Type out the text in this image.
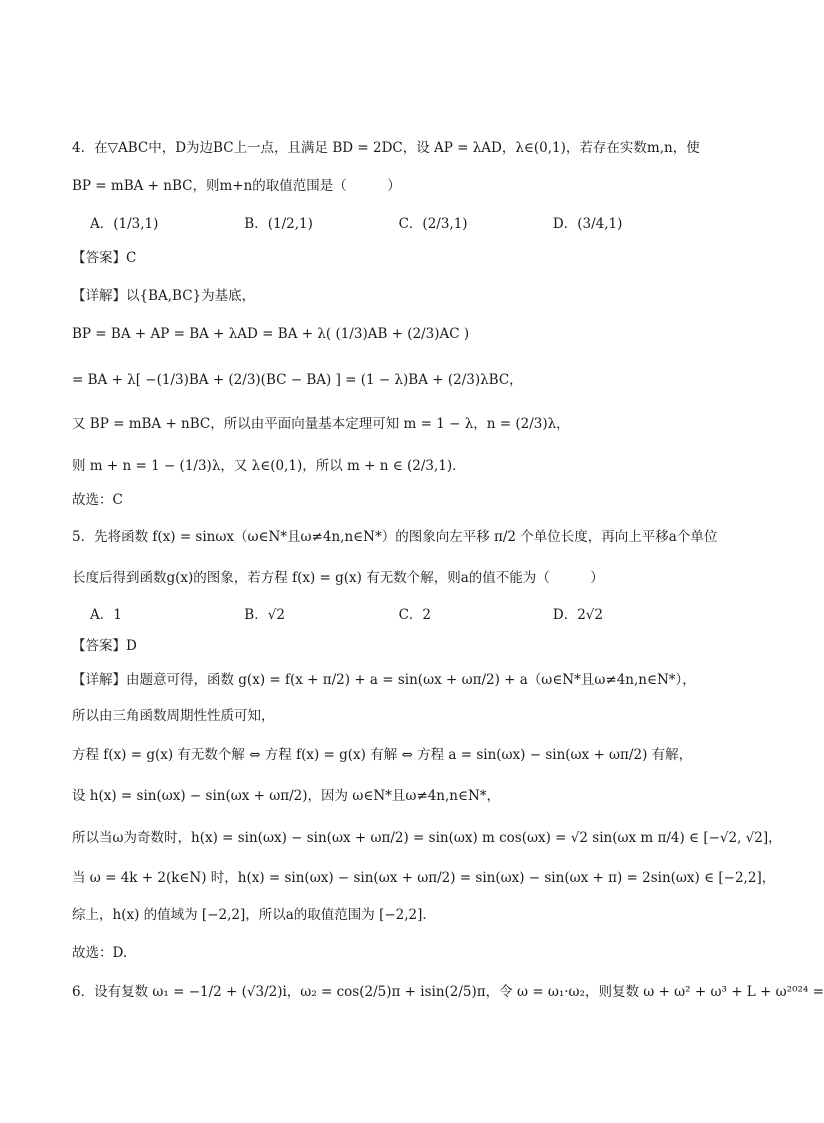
4．在▽ABC中，D为边BC上一点，且满足 BD = 2DC，设 AP = λAD，λ∈(0,1)，若存在实数m,n，使
BP = mBA + nBC，则m+n的取值范围是（　　　）
A．(1/3,1)	B．(1/2,1)	C．(2/3,1)	D．(3/4,1)
【答案】C
【详解】以{BA,BC}为基底，
BP = BA + AP = BA + λAD = BA + λ( (1/3)AB + (2/3)AC )
= BA + λ[ −(1/3)BA + (2/3)(BC − BA) ] = (1 − λ)BA + (2/3)λBC，
又 BP = mBA + nBC，所以由平面向量基本定理可知 m = 1 − λ，n = (2/3)λ，
则 m + n = 1 − (1/3)λ，又 λ∈(0,1)，所以 m + n ∈ (2/3,1)．
故选：C
5．先将函数 f(x) = sinωx（ω∈N*且ω≠4n,n∈N*）的图象向左平移 π/2 个单位长度，再向上平移a个单位
长度后得到函数g(x)的图象，若方程 f(x) = g(x) 有无数个解，则a的值不能为（　　　）
A．1	B．√2	C．2	D．2√2
【答案】D
【详解】由题意可得，函数 g(x) = f(x + π/2) + a = sin(ωx + ωπ/2) + a（ω∈N*且ω≠4n,n∈N*），
所以由三角函数周期性性质可知，
方程 f(x) = g(x) 有无数个解 ⇔ 方程 f(x) = g(x) 有解 ⇔ 方程 a = sin(ωx) − sin(ωx + ωπ/2) 有解，
设 h(x) = sin(ωx) − sin(ωx + ωπ/2)，因为 ω∈N*且ω≠4n,n∈N*，
所以当ω为奇数时，h(x) = sin(ωx) − sin(ωx + ωπ/2) = sin(ωx) m cos(ωx) = √2 sin(ωx m π/4) ∈ [−√2, √2]，
当 ω = 4k + 2(k∈N) 时，h(x) = sin(ωx) − sin(ωx + ωπ/2) = sin(ωx) − sin(ωx + π) = 2sin(ωx) ∈ [−2,2]，
综上，h(x) 的值域为 [−2,2]，所以a的取值范围为 [−2,2]．
故选：D.
6．设有复数 ω₁ = −1/2 + (√3/2)i，ω₂ = cos(2/5)π + isin(2/5)π，令 ω = ω₁·ω₂，则复数 ω + ω² + ω³ + L + ω²⁰²⁴ =
